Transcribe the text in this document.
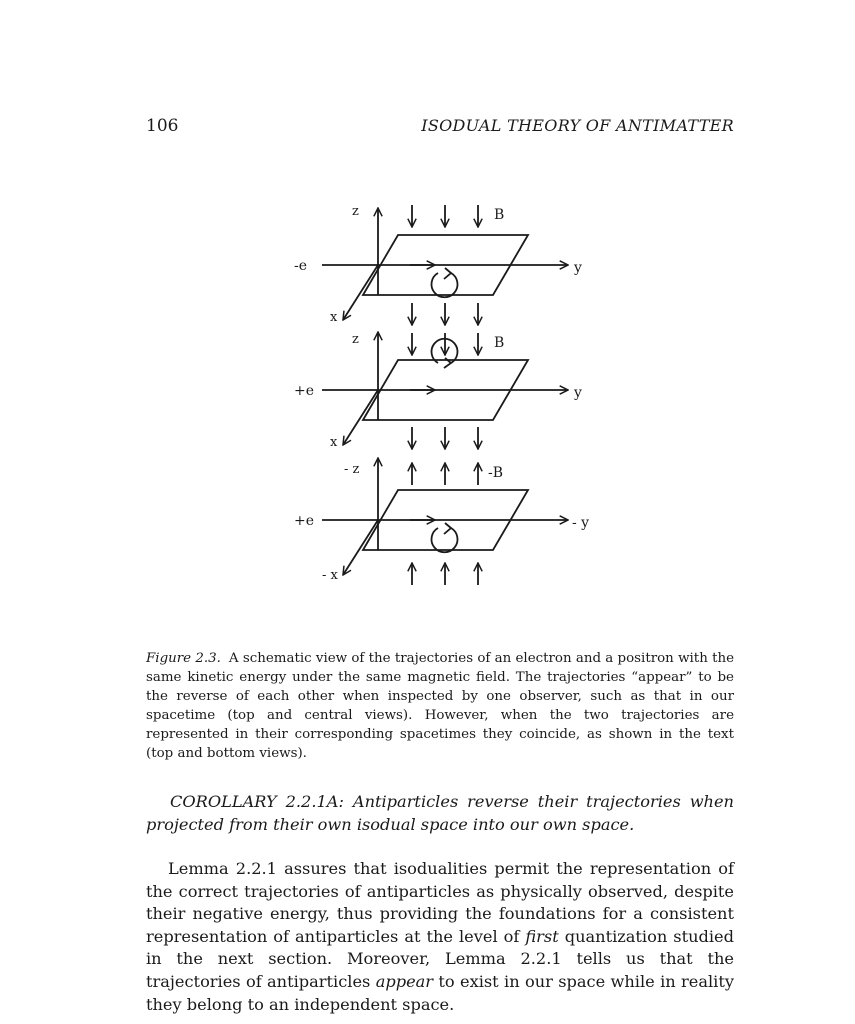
106	ISODUAL THEORY OF ANTIMATTER
z	B
-e	y
x
z	B
+e	y
x
- z	-B
+e	- y
- x
Figure 2.3. A schematic view of the trajectories of an electron and a positron with the same kinetic energy under the same magnetic field. The trajectories “appear” to be the reverse of each other when inspected by one observer, such as that in our spacetime (top and central views). However, when the two trajectories are represented in their corresponding spacetimes they coincide, as shown in the text (top and bottom views).
COROLLARY 2.2.1A: Antiparticles reverse their trajectories when projected from their own isodual space into our own space.
Lemma 2.2.1 assures that isodualities permit the representation of the correct trajectories of antiparticles as physically observed, despite their negative energy, thus providing the foundations for a consistent representation of antiparticles at the level of first quantization studied in the next section. Moreover, Lemma 2.2.1 tells us that the trajectories of antiparticles appear to exist in our space while in reality they belong to an independent space.
